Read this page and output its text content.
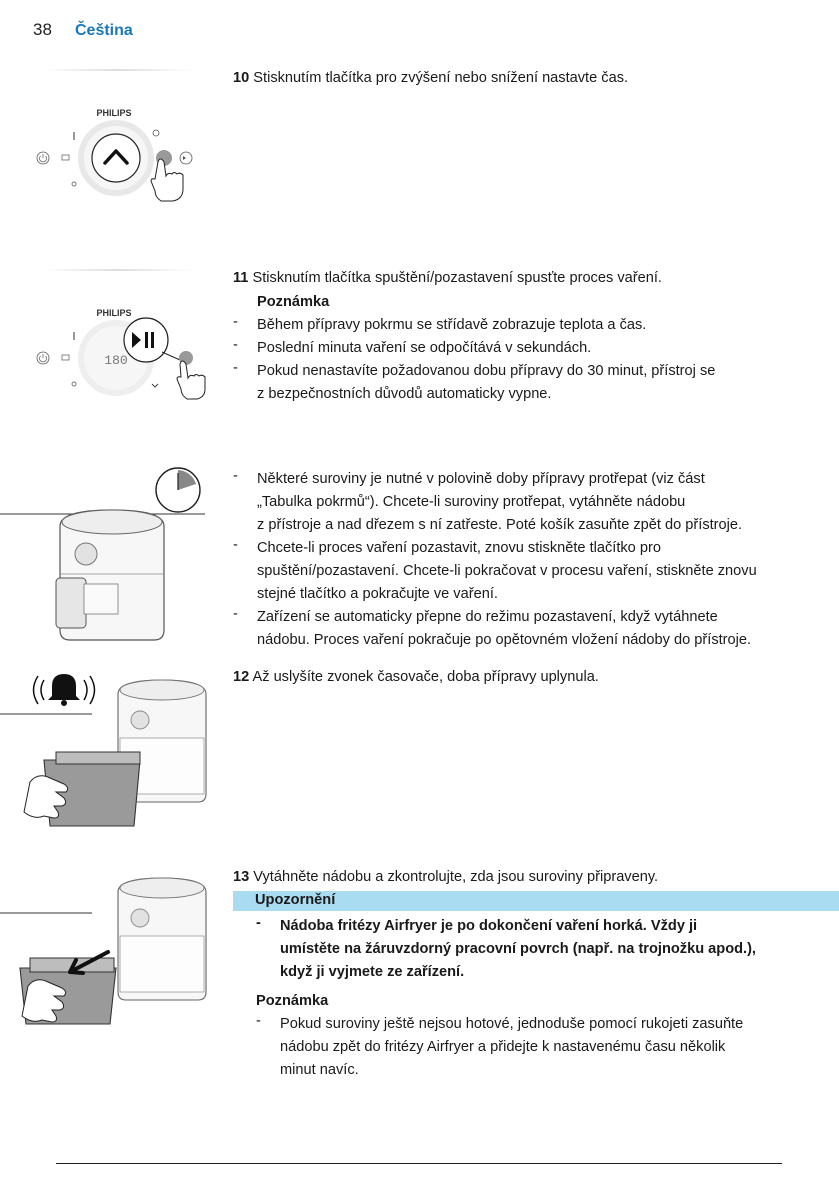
38 Čeština
PHILIPS
10 Stisknutím tlačítka pro zvýšení nebo snížení nastavte čas.
PHILIPS
180
11 Stisknutím tlačítka spuštění/pozastavení spusťte proces vaření.
Poznámka
- Během přípravy pokrmu se střídavě zobrazuje teplota a čas.
- Poslední minuta vaření se odpočítává v sekundách.
- Pokud nenastavíte požadovanou dobu přípravy do 30 minut, přístroj se
z bezpečnostních důvodů automaticky vypne.
- Některé suroviny je nutné v polovině doby přípravy protřepat (viz část
„Tabulka pokrmů“). Chcete-li suroviny protřepat, vytáhněte nádobu
z přístroje a nad dřezem s ní zatřeste. Poté košík zasuňte zpět do přístroje.
- Chcete-li proces vaření pozastavit, znovu stiskněte tlačítko pro
spuštění/pozastavení. Chcete-li pokračovat v procesu vaření, stiskněte znovu
stejné tlačítko a pokračujte ve vaření.
- Zařízení se automaticky přepne do režimu pozastavení, když vytáhnete
nádobu. Proces vaření pokračuje po opětovném vložení nádoby do přístroje.
12 Až uslyšíte zvonek časovače, doba přípravy uplynula.
13 Vytáhněte nádobu a zkontrolujte, zda jsou suroviny připraveny.
Upozornění
- Nádoba fritézy Airfryer je po dokončení vaření horká. Vždy ji
umístěte na žáruvzdorný pracovní povrch (např. na trojnožku apod.),
když ji vyjmete ze zařízení.
Poznámka
- Pokud suroviny ještě nejsou hotové, jednoduše pomocí rukojeti zasuňte
nádobu zpět do fritézy Airfryer a přidejte k nastavenému času několik
minut navíc.
